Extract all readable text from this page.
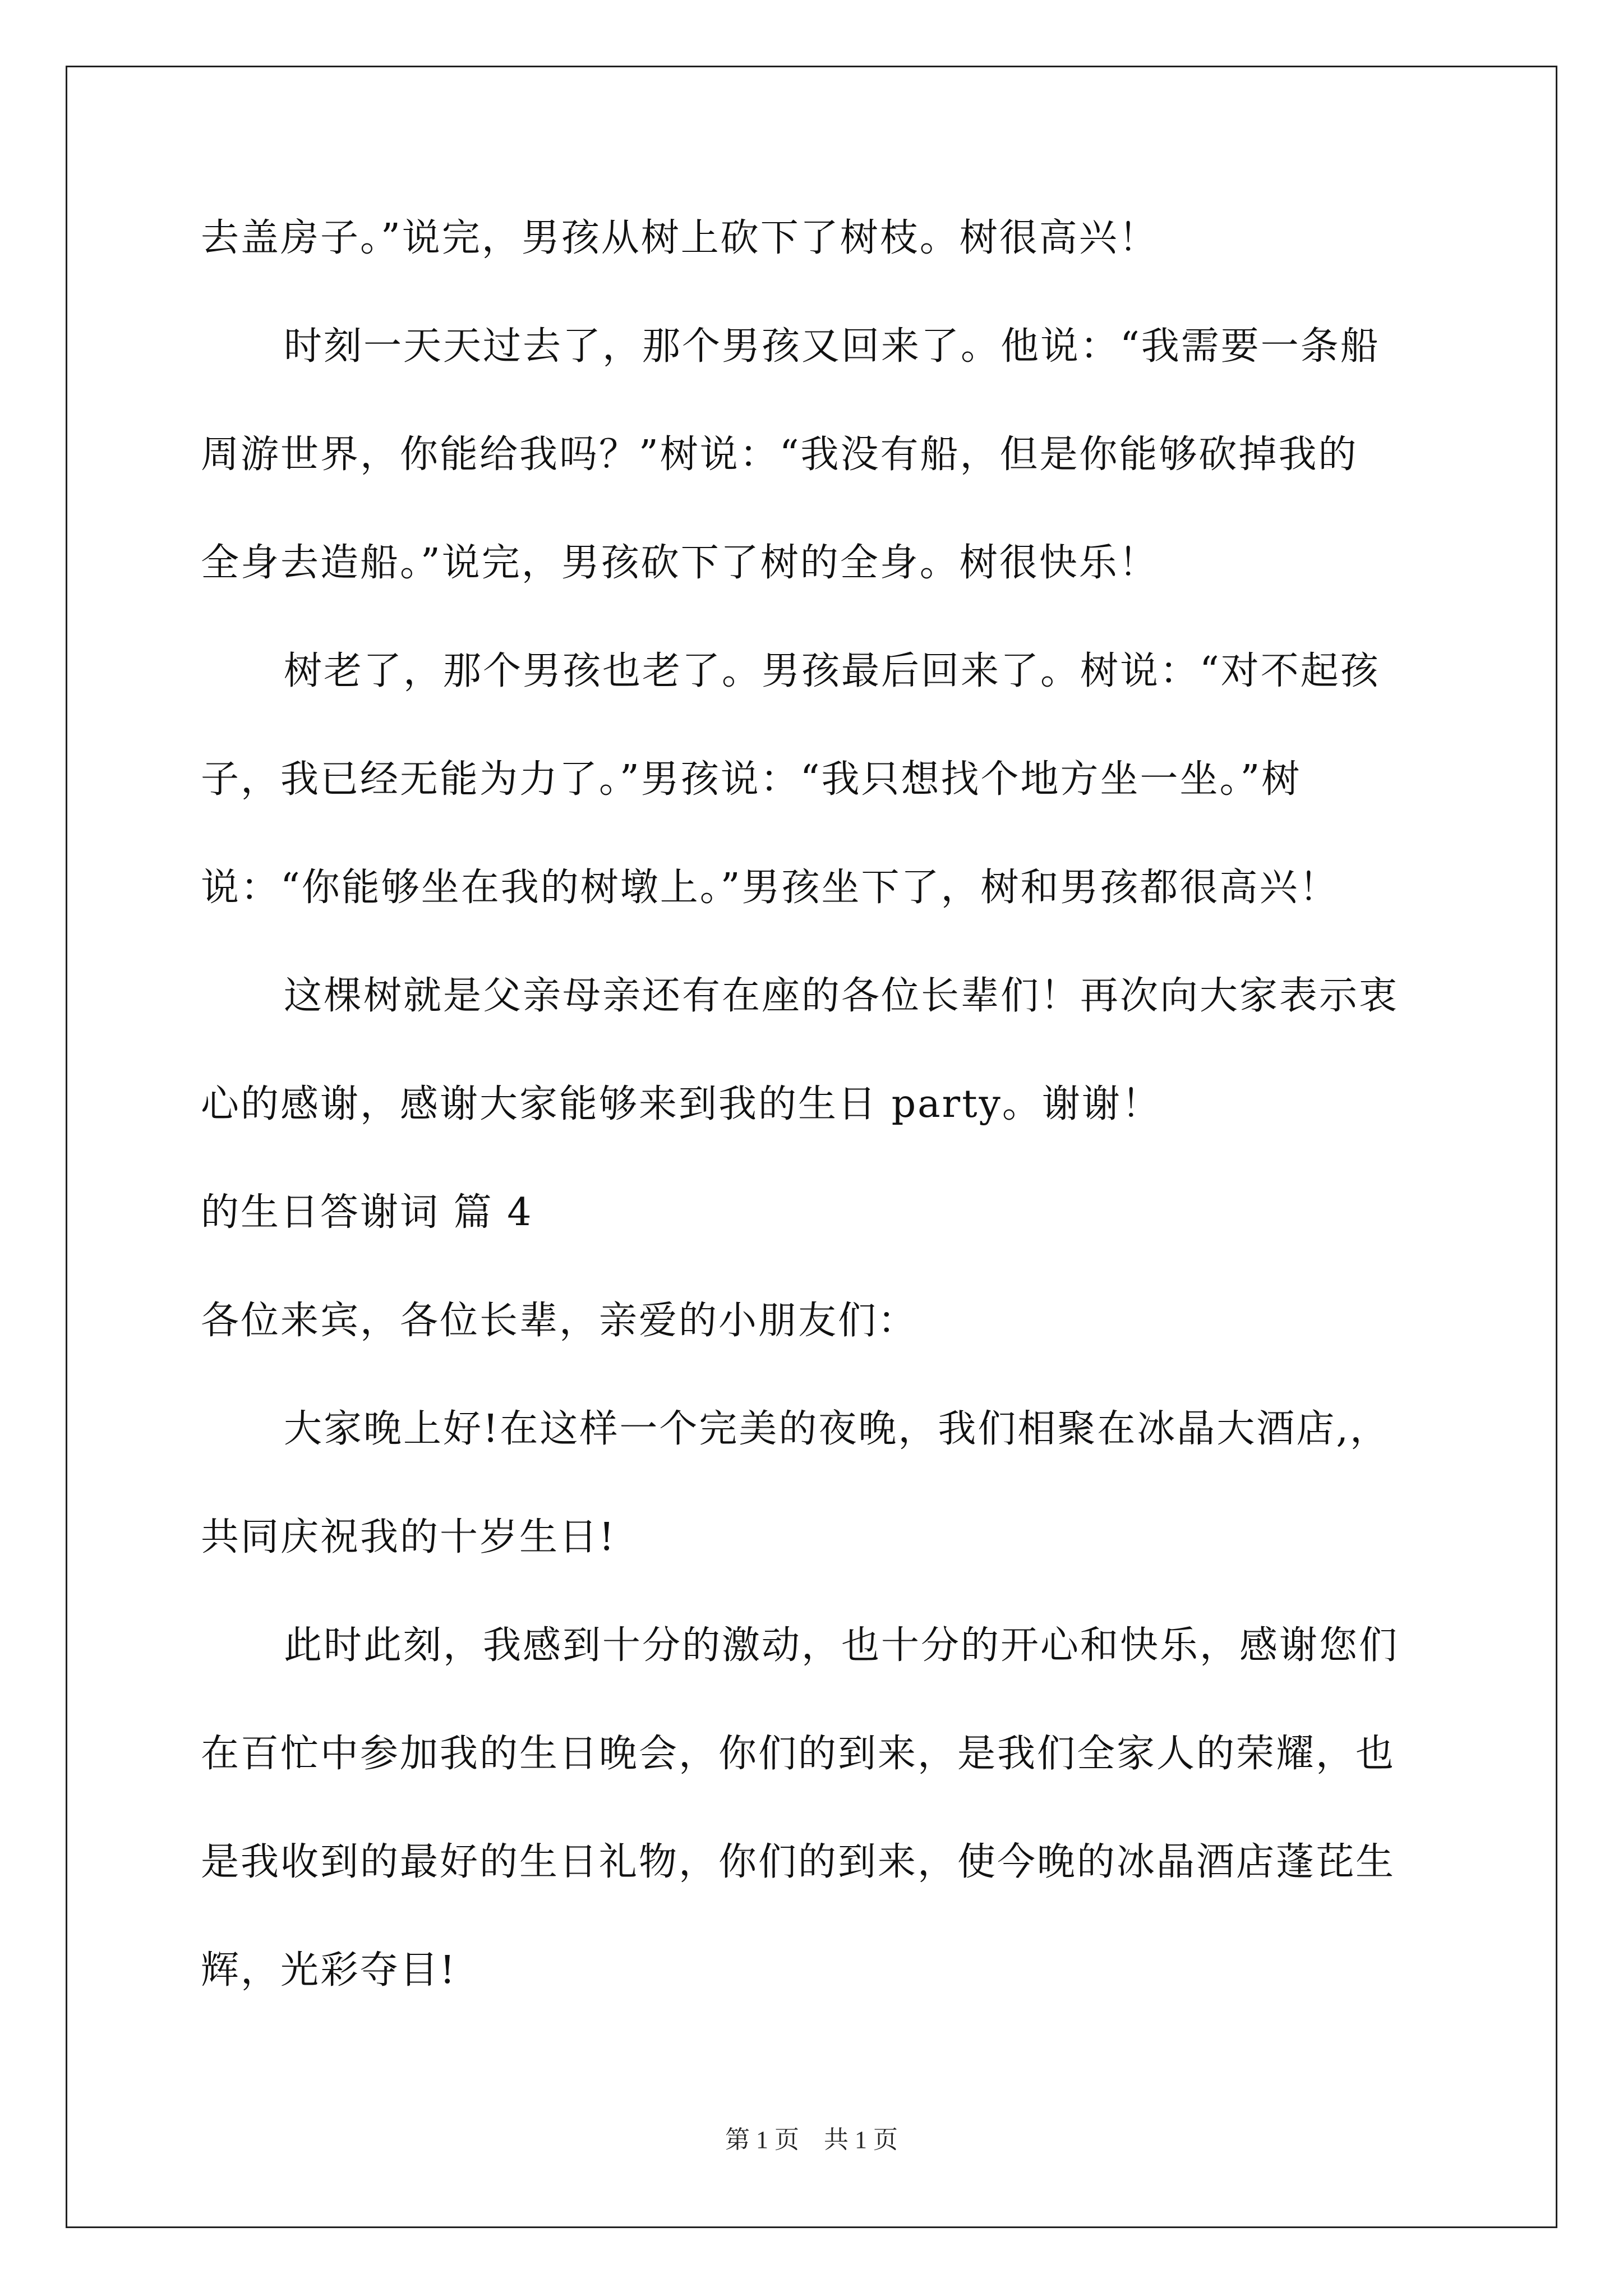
去盖房子。”说完，男孩从树上砍下了树枝。树很高兴！
时刻一天天过去了，那个男孩又回来了。他说：“我需要一条船
周游世界，你能给我吗？”树说：“我没有船，但是你能够砍掉我的
全身去造船。”说完，男孩砍下了树的全身。树很快乐！
树老了，那个男孩也老了。男孩最后回来了。树说：“对不起孩
子，我已经无能为力了。”男孩说：“我只想找个地方坐一坐。”树
说：“你能够坐在我的树墩上。”男孩坐下了，树和男孩都很高兴！
这棵树就是父亲母亲还有在座的各位长辈们！再次向大家表示衷
心的感谢，感谢大家能够来到我的生日 party。谢谢！
的生日答谢词 篇 4
各位来宾，各位长辈，亲爱的小朋友们：
大家晚上好!在这样一个完美的夜晚，我们相聚在冰晶大酒店,，
共同庆祝我的十岁生日!
此时此刻，我感到十分的激动，也十分的开心和快乐，感谢您们
在百忙中参加我的生日晚会，你们的到来，是我们全家人的荣耀，也
是我收到的最好的生日礼物，你们的到来，使今晚的冰晶酒店蓬芘生
辉，光彩夺目!
第 1 页　共 1 页
